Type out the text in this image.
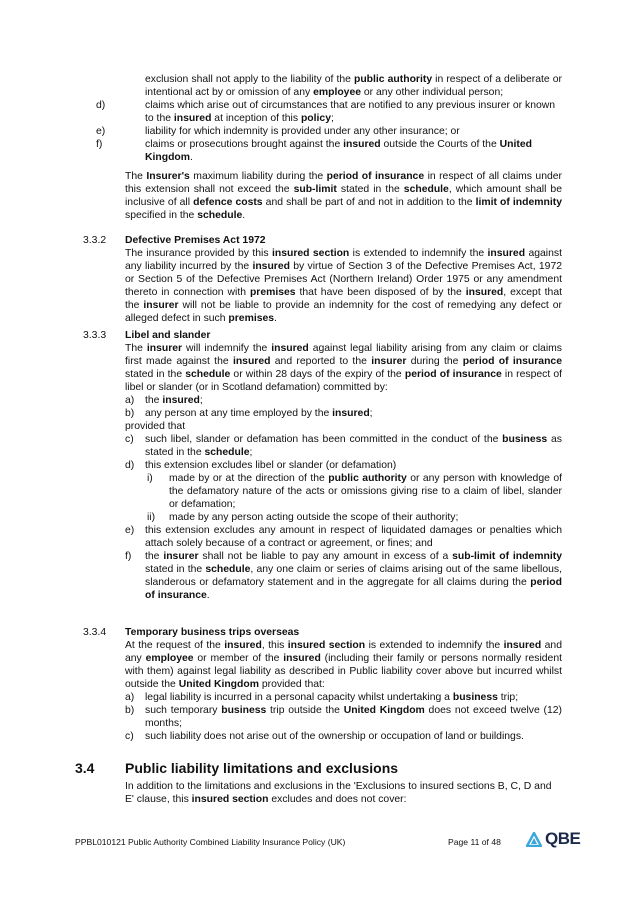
exclusion shall not apply to the liability of the public authority in respect of a deliberate or intentional act by or omission of any employee or any other individual person;

d)	claims which arise out of circumstances that are notified to any previous insurer or known to the insured at inception of this policy;

e)	liability for which indemnity is provided under any other insurance; or

f)	claims or prosecutions brought against the insured outside the Courts of the United Kingdom.

The Insurer's maximum liability during the period of insurance in respect of all claims under this extension shall not exceed the sub-limit stated in the schedule, which amount shall be inclusive of all defence costs and shall be part of and not in addition to the limit of indemnity specified in the schedule.

3.3.2 Defective Premises Act 1972

The insurance provided by this insured section is extended to indemnify the insured against any liability incurred by the insured by virtue of Section 3 of the Defective Premises Act, 1972 or Section 5 of the Defective Premises Act (Northern Ireland) Order 1975 or any amendment thereto in connection with premises that have been disposed of by the insured, except that the insurer will not be liable to provide an indemnity for the cost of remedying any defect or alleged defect in such premises.

3.3.3 Libel and slander

The insurer will indemnify the insured against legal liability arising from any claim or claims first made against the insured and reported to the insurer during the period of insurance stated in the schedule or within 28 days of the expiry of the period of insurance in respect of libel or slander (or in Scotland defamation) committed by:

a) the insured;

b) any person at any time employed by the insured;

provided that

c) such libel, slander or defamation has been committed in the conduct of the business as stated in the schedule;

d) this extension excludes libel or slander (or defamation)

i) made by or at the direction of the public authority or any person with knowledge of the defamatory nature of the acts or omissions giving rise to a claim of libel, slander or defamation;

ii) made by any person acting outside the scope of their authority;

e) this extension excludes any amount in respect of liquidated damages or penalties which attach solely because of a contract or agreement, or fines; and

f) the insurer shall not be liable to pay any amount in excess of a sub-limit of indemnity stated in the schedule, any one claim or series of claims arising out of the same libellous, slanderous or defamatory statement and in the aggregate for all claims during the period of insurance.

3.3.4 Temporary business trips overseas

At the request of the insured, this insured section is extended to indemnify the insured and any employee or member of the insured (including their family or persons normally resident with them) against legal liability as described in Public liability cover above but incurred whilst outside the United Kingdom provided that:

a) legal liability is incurred in a personal capacity whilst undertaking a business trip;

b) such temporary business trip outside the United Kingdom does not exceed twelve (12) months;

c) such liability does not arise out of the ownership or occupation of land or buildings.

3.4 Public liability limitations and exclusions

In addition to the limitations and exclusions in the 'Exclusions to insured sections B, C, D and E' clause, this insured section excludes and does not cover:

PPBL010121 Public Authority Combined Liability Insurance Policy (UK)	Page 11 of 48	QBE
